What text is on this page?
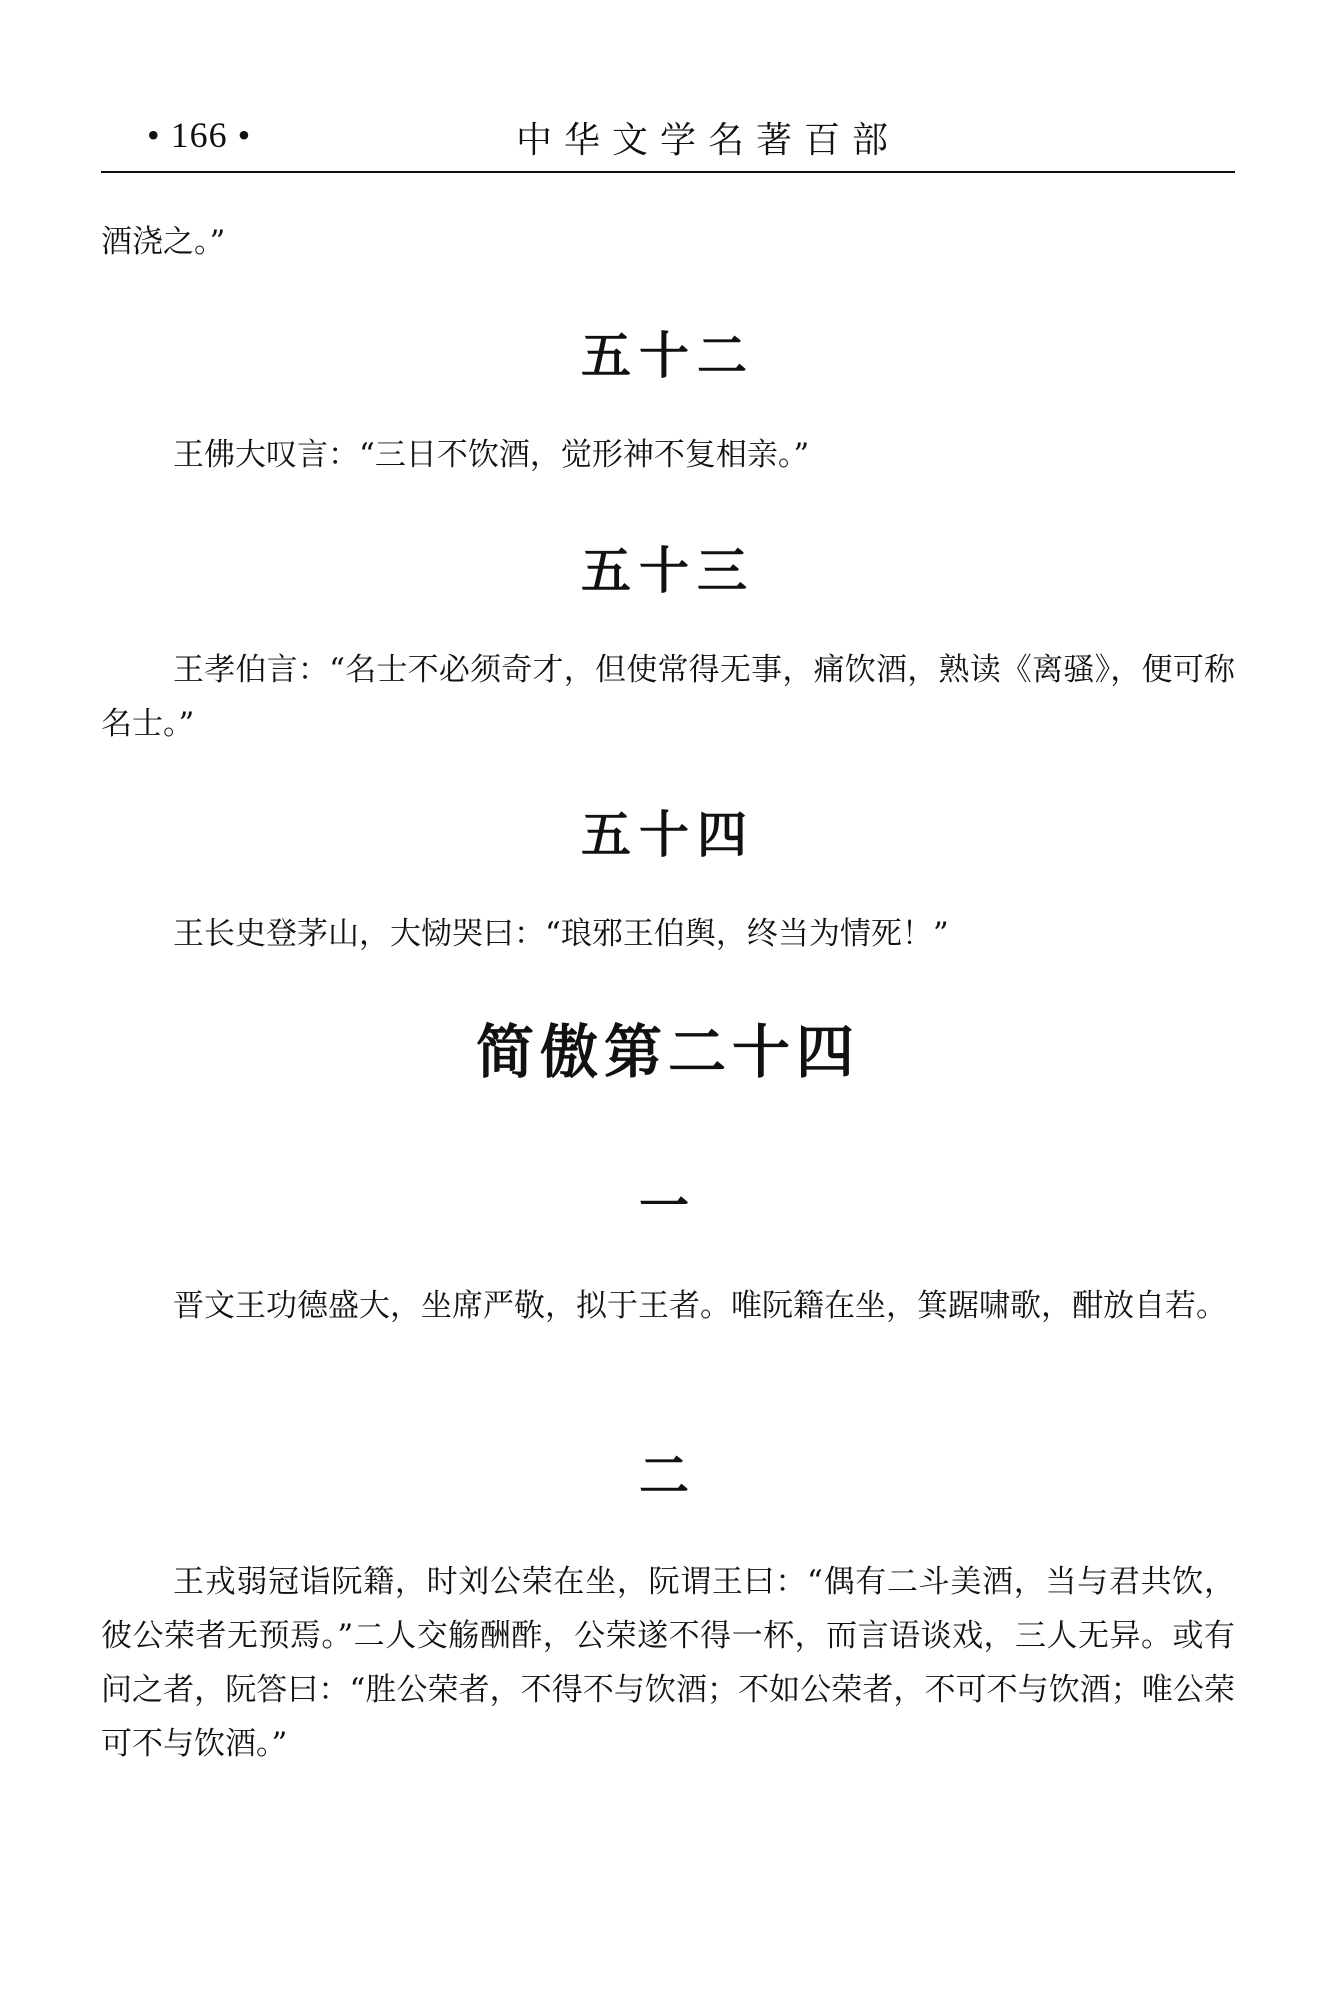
• 166 •	中华文学名著百部

酒浇之。”

五十二

王佛大叹言：“三日不饮酒，觉形神不复相亲。”

五十三

王孝伯言：“名士不必须奇才，但使常得无事，痛饮酒，熟读《离骚》，便可称名士。”

五十四

王长史登茅山，大恸哭曰：“琅邪王伯舆，终当为情死！”

简傲第二十四
一

晋文王功德盛大，坐席严敬，拟于王者。唯阮籍在坐，箕踞啸歌，酣放自若。

二

王戎弱冠诣阮籍，时刘公荣在坐，阮谓王曰：“偶有二斗美酒，当与君共饮，彼公荣者无预焉。”二人交觞酬酢，公荣遂不得一杯，而言语谈戏，三人无异。或有问之者，阮答曰：“胜公荣者，不得不与饮酒；不如公荣者，不可不与饮酒；唯公荣可不与饮酒。”
